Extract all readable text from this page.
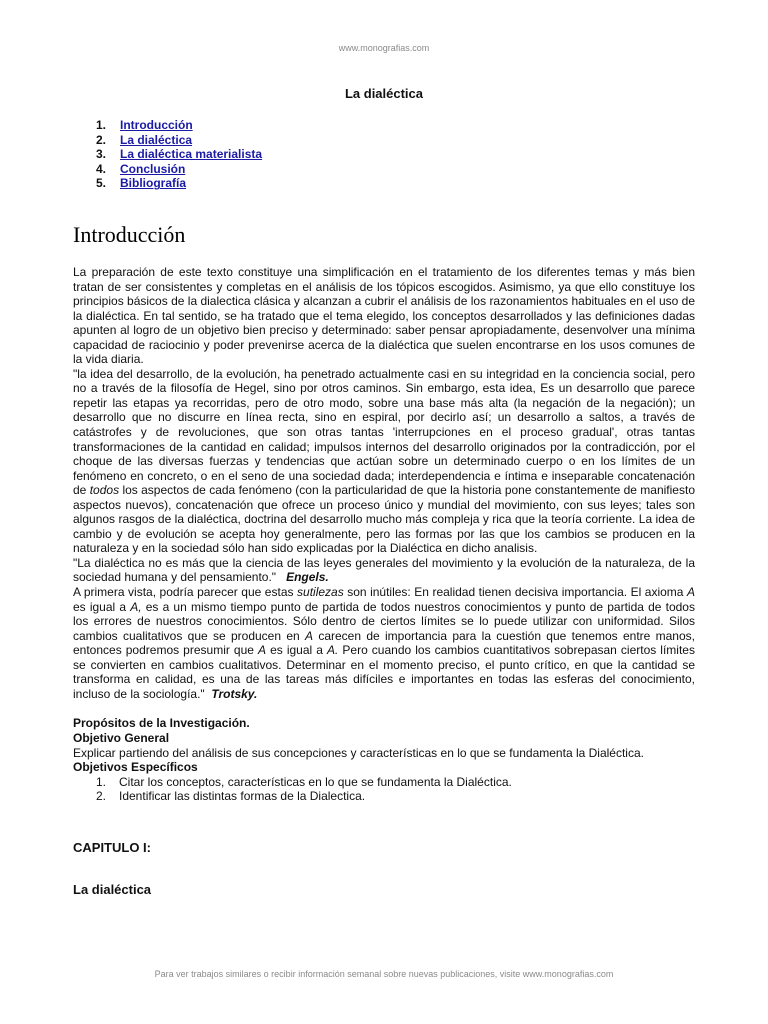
www.monografias.com
La dialéctica
1.	Introducción
2.	La dialéctica
3.	La dialéctica materialista
4.	Conclusión
5.	Bibliografía
Introducción

La preparación de este texto constituye una simplificación en el tratamiento de los diferentes temas y más bien tratan de ser consistentes y completas en el análisis de los tópicos escogidos. Asimismo, ya que ello constituye los principios básicos de la dialectica clásica y alcanzan a cubrir el análisis de los razonamientos habituales en el uso de la dialéctica. En tal sentido, se ha tratado que el tema elegido, los conceptos desarrollados y las definiciones dadas apunten al logro de un objetivo bien preciso y determinado: saber pensar apropiadamente, desenvolver una mínima capacidad de raciocinio y poder prevenirse acerca de la dialéctica que suelen encontrarse en los usos comunes de la vida diaria.

"la idea del desarrollo, de la evolución, ha penetrado actualmente casi en su integridad en la conciencia social, pero no a través de la filosofía de Hegel, sino por otros caminos. Sin embargo, esta idea, Es un desarrollo que parece repetir las etapas ya recorridas, pero de otro modo, sobre una base más alta (la negación de la negación); un desarrollo que no discurre en línea recta, sino en espiral, por decirlo así; un desarrollo a saltos, a través de catástrofes y de revoluciones, que son otras tantas 'interrupciones en el proceso gradual', otras tantas transformaciones de la cantidad en calidad; impulsos internos del desarrollo originados por la contradicción, por el choque de las diversas fuerzas y tendencias que actúan sobre un determinado cuerpo o en los límites de un fenómeno en concreto, o en el seno de una sociedad dada; interdependencia e íntima e inseparable concatenación de todos los aspectos de cada fenómeno (con la particularidad de que la historia pone constantemente de manifiesto aspectos nuevos), concatenación que ofrece un proceso único y mundial del movimiento, con sus leyes; tales son algunos rasgos de la dialéctica, doctrina del desarrollo mucho más compleja y rica que la teoría corriente. La idea de cambio y de evolución se acepta hoy generalmente, pero las formas por las que los cambios se producen en la naturaleza y en la sociedad sólo han sido explicadas por la Dialéctica en dicho analisis.

"La dialéctica no es más que la ciencia de las leyes generales del movimiento y la evolución de la naturaleza, de la sociedad humana y del pensamiento." Engels.

A primera vista, podría parecer que estas sutilezas son inútiles: En realidad tienen decisiva importancia. El axioma A es igual a A, es a un mismo tiempo punto de partida de todos nuestros conocimientos y punto de partida de todos los errores de nuestros conocimientos. Sólo dentro de ciertos límites se lo puede utilizar con uniformidad. Silos cambios cualitativos que se producen en A carecen de importancia para la cuestión que tenemos entre manos, entonces podremos presumir que A es igual a A. Pero cuando los cambios cuantitativos sobrepasan ciertos límites se convierten en cambios cualitativos. Determinar en el momento preciso, el punto crítico, en que la cantidad se transforma en calidad, es una de las tareas más difíciles e importantes en todas las esferas del conocimiento, incluso de la sociología." Trotsky.

Propósitos de la Investigación.

Objetivo General

Explicar partiendo del análisis de sus concepciones y características en lo que se fundamenta la Dialéctica.

Objetivos Específicos

1.	Citar los conceptos, características en lo que se fundamenta la Dialéctica.
2.	Identificar las distintas formas de la Dialectica.
CAPITULO I:
La dialéctica
Para ver trabajos similares o recibir información semanal sobre nuevas publicaciones, visite www.monografias.com
